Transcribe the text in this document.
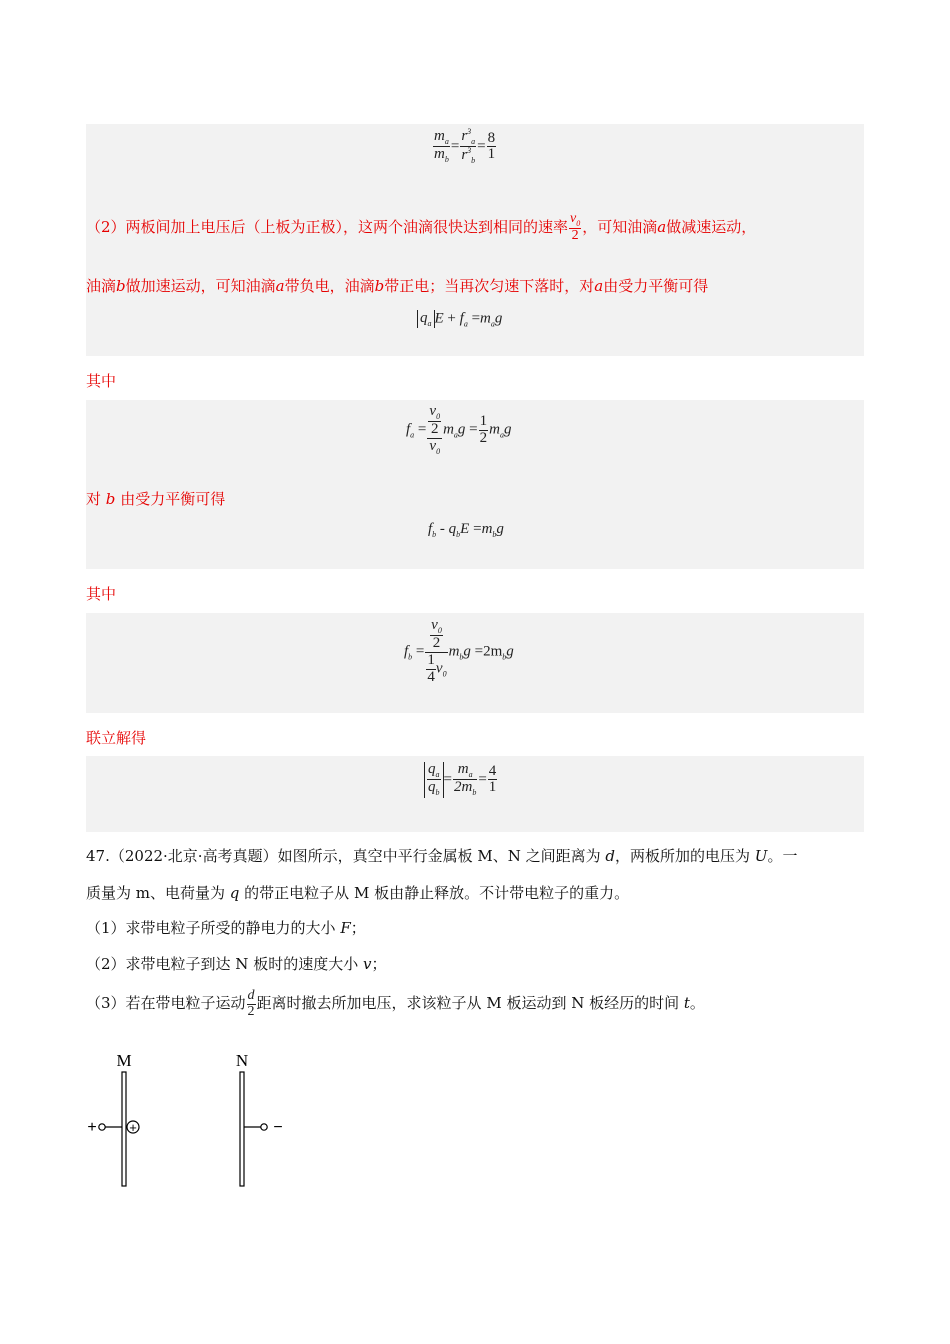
$\frac{m_a}{m_b} = \frac{r^3_a}{r^3_b} = \frac{8}{1}$
（2）两板间加上电压后（上板为正极），这两个油滴很快达到相同的速率 $\frac{v_0}{2}$ ，可知油滴a做减速运动，
油滴b做加速运动，可知油滴a带负电，油滴b带正电；当再次匀速下落时，对a由受力平衡可得
$q_a$ $E + f_a =m_ag$
其中
$f_a = \frac{\frac{v_0}{2}}{v_0} m_ag = \frac{1}{2} m_ag$
对 b 由受力平衡可得
$f_b - q_bE =m_bg$
其中
$f_b = \frac{\frac{v_0}{2}}{\frac{1}{4} v_0} m_bg =2m_bg$
联立解得
$\frac{q_a}{q_b} = \frac{m_a}{2m_b} = \frac{4}{1}$
47.（2022·北京·高考真题）如图所示，真空中平行金属板 M、N 之间距离为 d，两板所加的电压为 U。一
质量为 m、电荷量为 q 的带正电粒子从 M 板由静止释放。不计带电粒子的重力。
（1）求带电粒子所受的静电力的大小 F；
（2）求带电粒子到达 N 板时的速度大小 v；
（3）若在带电粒子运动 $\frac{d}{2}$ 距离时撤去所加电压，求该粒子从 M 板运动到 N 板经历的时间 t。
M	N
+	+	−
